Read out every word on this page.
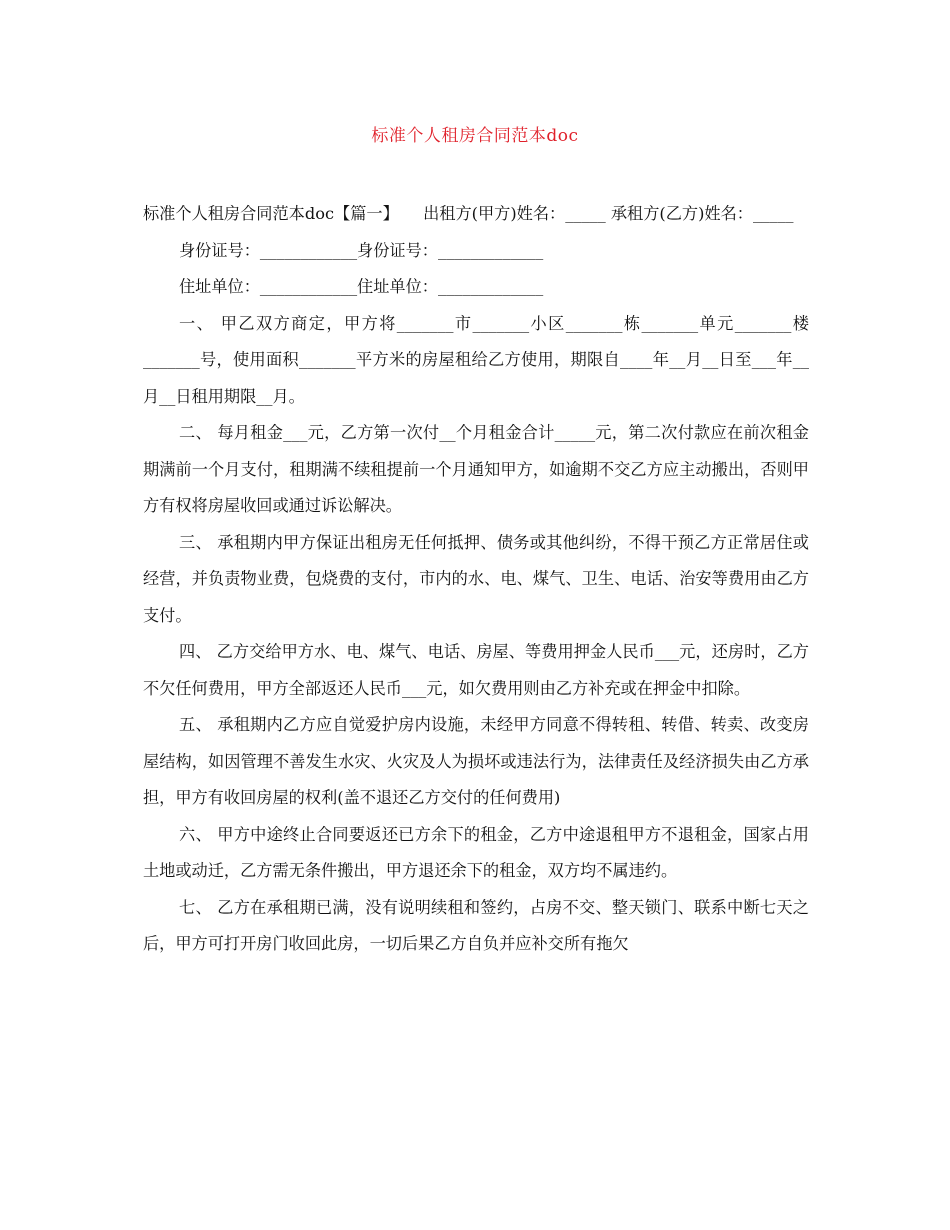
标准个人租房合同范本doc

标准个人租房合同范本doc【篇一】　　出租方(甲方)姓名：_____ 承租方(乙方)姓名：_____

身份证号：____________身份证号：_____________

住址单位：____________住址单位：_____________

一、 甲乙双方商定，甲方将_______市_______小区_______栋_______单元_______楼_______号，使用面积_______平方米的房屋租给乙方使用，期限自____年__月__日至___年__月__日租用期限__月。

二、 每月租金___元，乙方第一次付__个月租金合计_____元，第二次付款应在前次租金期满前一个月支付，租期满不续租提前一个月通知甲方，如逾期不交乙方应主动搬出，否则甲方有权将房屋收回或通过诉讼解决。

三、 承租期内甲方保证出租房无任何抵押、债务或其他纠纷，不得干预乙方正常居住或经营，并负责物业费，包烧费的支付，市内的水、电、煤气、卫生、电话、治安等费用由乙方支付。

四、 乙方交给甲方水、电、煤气、电话、房屋、等费用押金人民币___元，还房时，乙方不欠任何费用，甲方全部返还人民币___元，如欠费用则由乙方补充或在押金中扣除。

五、 承租期内乙方应自觉爱护房内设施，未经甲方同意不得转租、转借、转卖、改变房屋结构，如因管理不善发生水灾、火灾及人为损坏或违法行为，法律责任及经济损失由乙方承担，甲方有收回房屋的权利(盖不退还乙方交付的任何费用)

六、 甲方中途终止合同要返还已方余下的租金，乙方中途退租甲方不退租金，国家占用土地或动迁，乙方需无条件搬出，甲方退还余下的租金，双方均不属违约。

七、 乙方在承租期已满，没有说明续租和签约，占房不交、整天锁门、联系中断七天之后，甲方可打开房门收回此房，一切后果乙方自负并应补交所有拖欠
